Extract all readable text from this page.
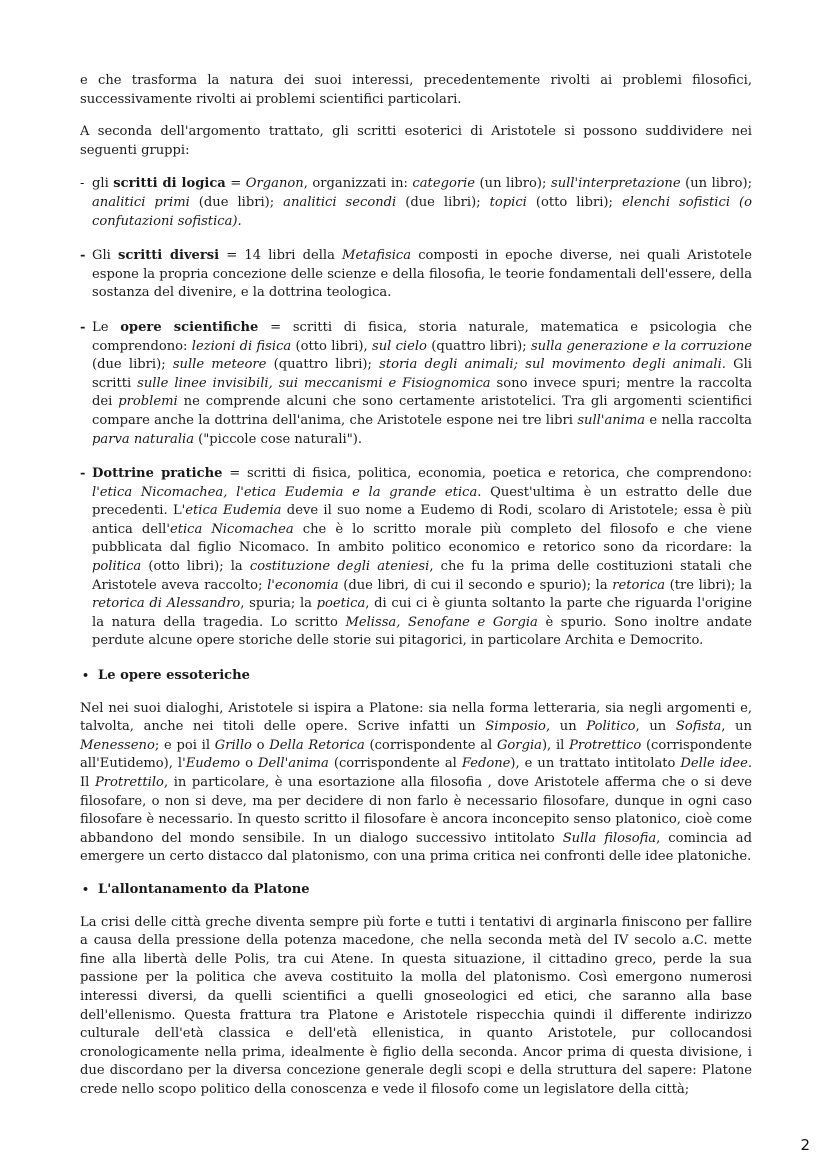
e che trasforma la natura dei suoi interessi, precedentemente rivolti ai problemi filosofici, successivamente rivolti ai problemi scientifici particolari.

A seconda dell'argomento trattato, gli scritti esoterici di Aristotele si possono suddividere nei seguenti gruppi:

- gli scritti di logica = Organon, organizzati in: categorie (un libro); sull'interpretazione (un libro); analitici primi (due libri); analitici secondi (due libri); topici (otto libri); elenchi sofistici (o confutazioni sofistica).
- Gli scritti diversi = 14 libri della Metafisica composti in epoche diverse, nei quali Aristotele espone la propria concezione delle scienze e della filosofia, le teorie fondamentali dell'essere, della sostanza del divenire, e la dottrina teologica.
- Le opere scientifiche = scritti di fisica, storia naturale, matematica e psicologia che comprendono: lezioni di fisica (otto libri), sul cielo (quattro libri); sulla generazione e la corruzione (due libri); sulle meteore (quattro libri); storia degli animali; sul movimento degli animali. Gli scritti sulle linee invisibili, sui meccanismi e Fisiognomica sono invece spuri; mentre la raccolta dei problemi ne comprende alcuni che sono certamente aristotelici. Tra gli argomenti scientifici compare anche la dottrina dell'anima, che Aristotele espone nei tre libri sull'anima e nella raccolta parva naturalia ("piccole cose naturali").
- Dottrine pratiche = scritti di fisica, politica, economia, poetica e retorica, che comprendono: l'etica Nicomachea, l'etica Eudemia e la grande etica. Quest'ultima è un estratto delle due precedenti. L'etica Eudemia deve il suo nome a Eudemo di Rodi, scolaro di Aristotele; essa è più antica dell'etica Nicomachea che è lo scritto morale più completo del filosofo e che viene pubblicata dal figlio Nicomaco. In ambito politico economico e retorico sono da ricordare: la politica (otto libri); la costituzione degli ateniesi, che fu la prima delle costituzioni statali che Aristotele aveva raccolto; l'economia (due libri, di cui il secondo e spurio); la retorica (tre libri); la retorica di Alessandro, spuria; la poetica, di cui ci è giunta soltanto la parte che riguarda l'origine la natura della tragedia. Lo scritto Melissa, Senofane e Gorgia è spurio. Sono inoltre andate perdute alcune opere storiche delle storie sui pitagorici, in particolare Archita e Democrito.
• Le opere essoteriche

Nel nei suoi dialoghi, Aristotele si ispira a Platone: sia nella forma letteraria, sia negli argomenti e, talvolta, anche nei titoli delle opere. Scrive infatti un Simposio, un Politico, un Sofista, un Menesseno; e poi il Grillo o Della Retorica (corrispondente al Gorgia), il Protrettico (corrispondente all'Eutidemo), l'Eudemo o Dell'anima (corrispondente al Fedone), e un trattato intitolato Delle idee. Il Protrettilo, in particolare, è una esortazione alla filosofia , dove Aristotele afferma che o si deve filosofare, o non si deve, ma per decidere di non farlo è necessario filosofare, dunque in ogni caso filosofare è necessario. In questo scritto il filosofare è ancora inconcepito senso platonico, cioè come abbandono del mondo sensibile. In un dialogo successivo intitolato Sulla filosofia, comincia ad emergere un certo distacco dal platonismo, con una prima critica nei confronti delle idee platoniche.

• L'allontanamento da Platone

La crisi delle città greche diventa sempre più forte e tutti i tentativi di arginarla finiscono per fallire a causa della pressione della potenza macedone, che nella seconda metà del IV secolo a.C. mette fine alla libertà delle Polis, tra cui Atene. In questa situazione, il cittadino greco, perde la sua passione per la politica che aveva costituito la molla del platonismo. Così emergono numerosi interessi diversi, da quelli scientifici a quelli gnoseologici ed etici, che saranno alla base dell'ellenismo. Questa frattura tra Platone e Aristotele rispecchia quindi il differente indirizzo culturale dell'età classica e dell'età ellenistica, in quanto Aristotele, pur collocandosi cronologicamente nella prima, idealmente è figlio della seconda. Ancor prima di questa divisione, i due discordano per la diversa concezione generale degli scopi e della struttura del sapere: Platone crede nello scopo politico della conoscenza e vede il filosofo come un legislatore della città;

2
